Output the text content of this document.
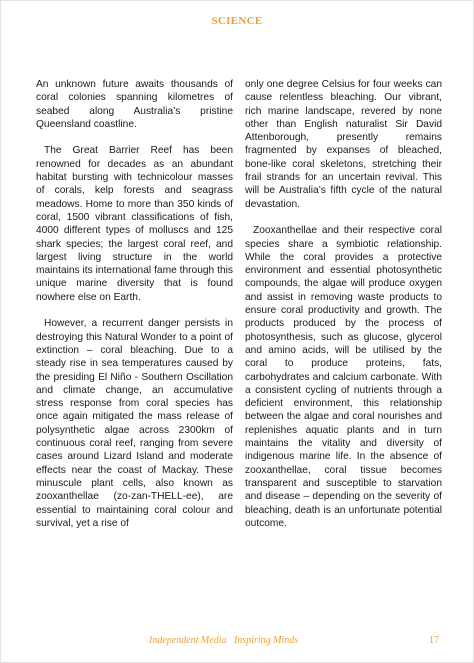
SCIENCE

An unknown future awaits thousands of coral colonies spanning kilometres of seabed along Australia’s pristine Queensland coastline.

The Great Barrier Reef has been renowned for decades as an abundant habitat bursting with technicolour masses of corals, kelp forests and seagrass meadows. Home to more than 350 kinds of coral, 1500 vibrant classifications of fish, 4000 different types of molluscs and 125 shark species; the largest coral reef, and largest living structure in the world maintains its international fame through this unique marine diversity that is found nowhere else on Earth.

However, a recurrent danger persists in destroying this Natural Wonder to a point of extinction – coral bleaching. Due to a steady rise in sea temperatures caused by the presiding El Niño - Southern Oscillation and climate change, an accumulative stress response from coral species has once again mitigated the mass release of polysynthetic algae across 2300km of continuous coral reef, ranging from severe cases around Lizard Island and moderate effects near the coast of Mackay. These minuscule plant cells, also known as zooxanthellae (zo-zan-THELL-ee), are essential to maintaining coral colour and survival, yet a rise of

only one degree Celsius for four weeks can cause relentless bleaching. Our vibrant, rich marine landscape, revered by none other than English naturalist Sir David Attenborough, presently remains fragmented by expanses of bleached, bone-like coral skeletons, stretching their frail strands for an uncertain revival. This will be Australia’s fifth cycle of the natural devastation.

Zooxanthellae and their respective coral species share a symbiotic relationship. While the coral provides a protective environment and essential photosynthetic compounds, the algae will produce oxygen and assist in removing waste products to ensure coral productivity and growth. The products produced by the process of photosynthesis, such as glucose, glycerol and amino acids, will be utilised by the coral to produce proteins, fats, carbohydrates and calcium carbonate. With a consistent cycling of nutrients through a deficient environment, this relationship between the algae and coral nourishes and replenishes aquatic plants and in turn maintains the vitality and diversity of indigenous marine life. In the absence of zooxanthellae, coral tissue becomes transparent and susceptible to starvation and disease – depending on the severity of bleaching, death is an unfortunate potential outcome.

Independent Media   Inspiring Minds	17
